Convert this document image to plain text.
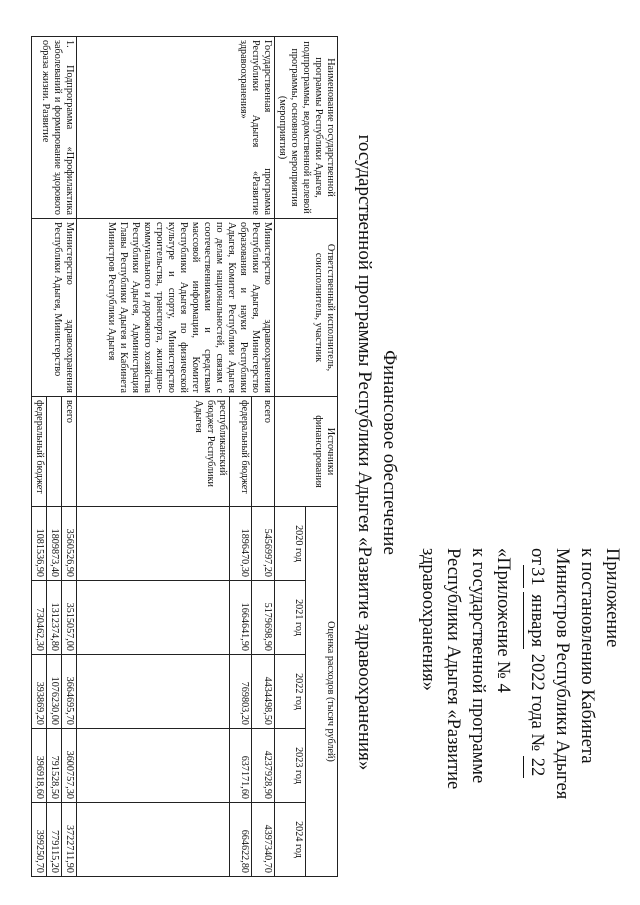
Приложение
к постановлению Кабинета
Министров Республики Адыгея
от31 января 2022 года № 22
«Приложение № 4
к государственной программе
Республики Адыгея «Развитие
здравоохранения»
Финансовое обеспечение
государственной программы Республики Адыгея «Развитие здравоохранения»
Наименование государственной программы Республики Адыгея, подпрограммы, ведомственной целевой программы, основного мероприятия (мероприятия)	Ответственный исполнитель, соисполнитель, участник	Источники финансирования	Оценка расходов (тысяч рублей)				
			2020 год	2021 год	2022 год	2023 год	2024 год
Государственная программа Республики Адыгея «Развитие здравоохранения»	Министерство здравоохранения Республики Адыгея, Министерство образования и науки Республики Адыгея, Комитет Республики Адыгея по делам национальностей, связям с соотечественниками и средствам массовой информации, Комитет Республики Адыгея по физической культуре и спорту, Министерство строительства, транспорта, жилищно-коммунального и дорожного хозяйства Республики Адыгея, Администрация Главы Республики Адыгея и Кабинета Министров Республики Адыгея	всего	5456997,20	5179698,90	4434498,50	4237928,90	4397340,70
		федеральный бюджет	1896470,30	1664641,90	769803,20	637171,60	664622,80
		республиканский бюджет Республики Адыгея					
1. Подпрограмма «Профилактика заболеваний и формирование здорового образа жизни. Развитие	Министерство здравоохранения Республики Адыгея, Министерство	всего	3560526,90	3515057,00	3664695,70	3600757,30	3722711,90
			1809873,40	1312374,80	1076230,00	791528,50	779115,20
		федеральный бюджет	1081536,90	730462,30	393869,20	396918,60	399250,70
